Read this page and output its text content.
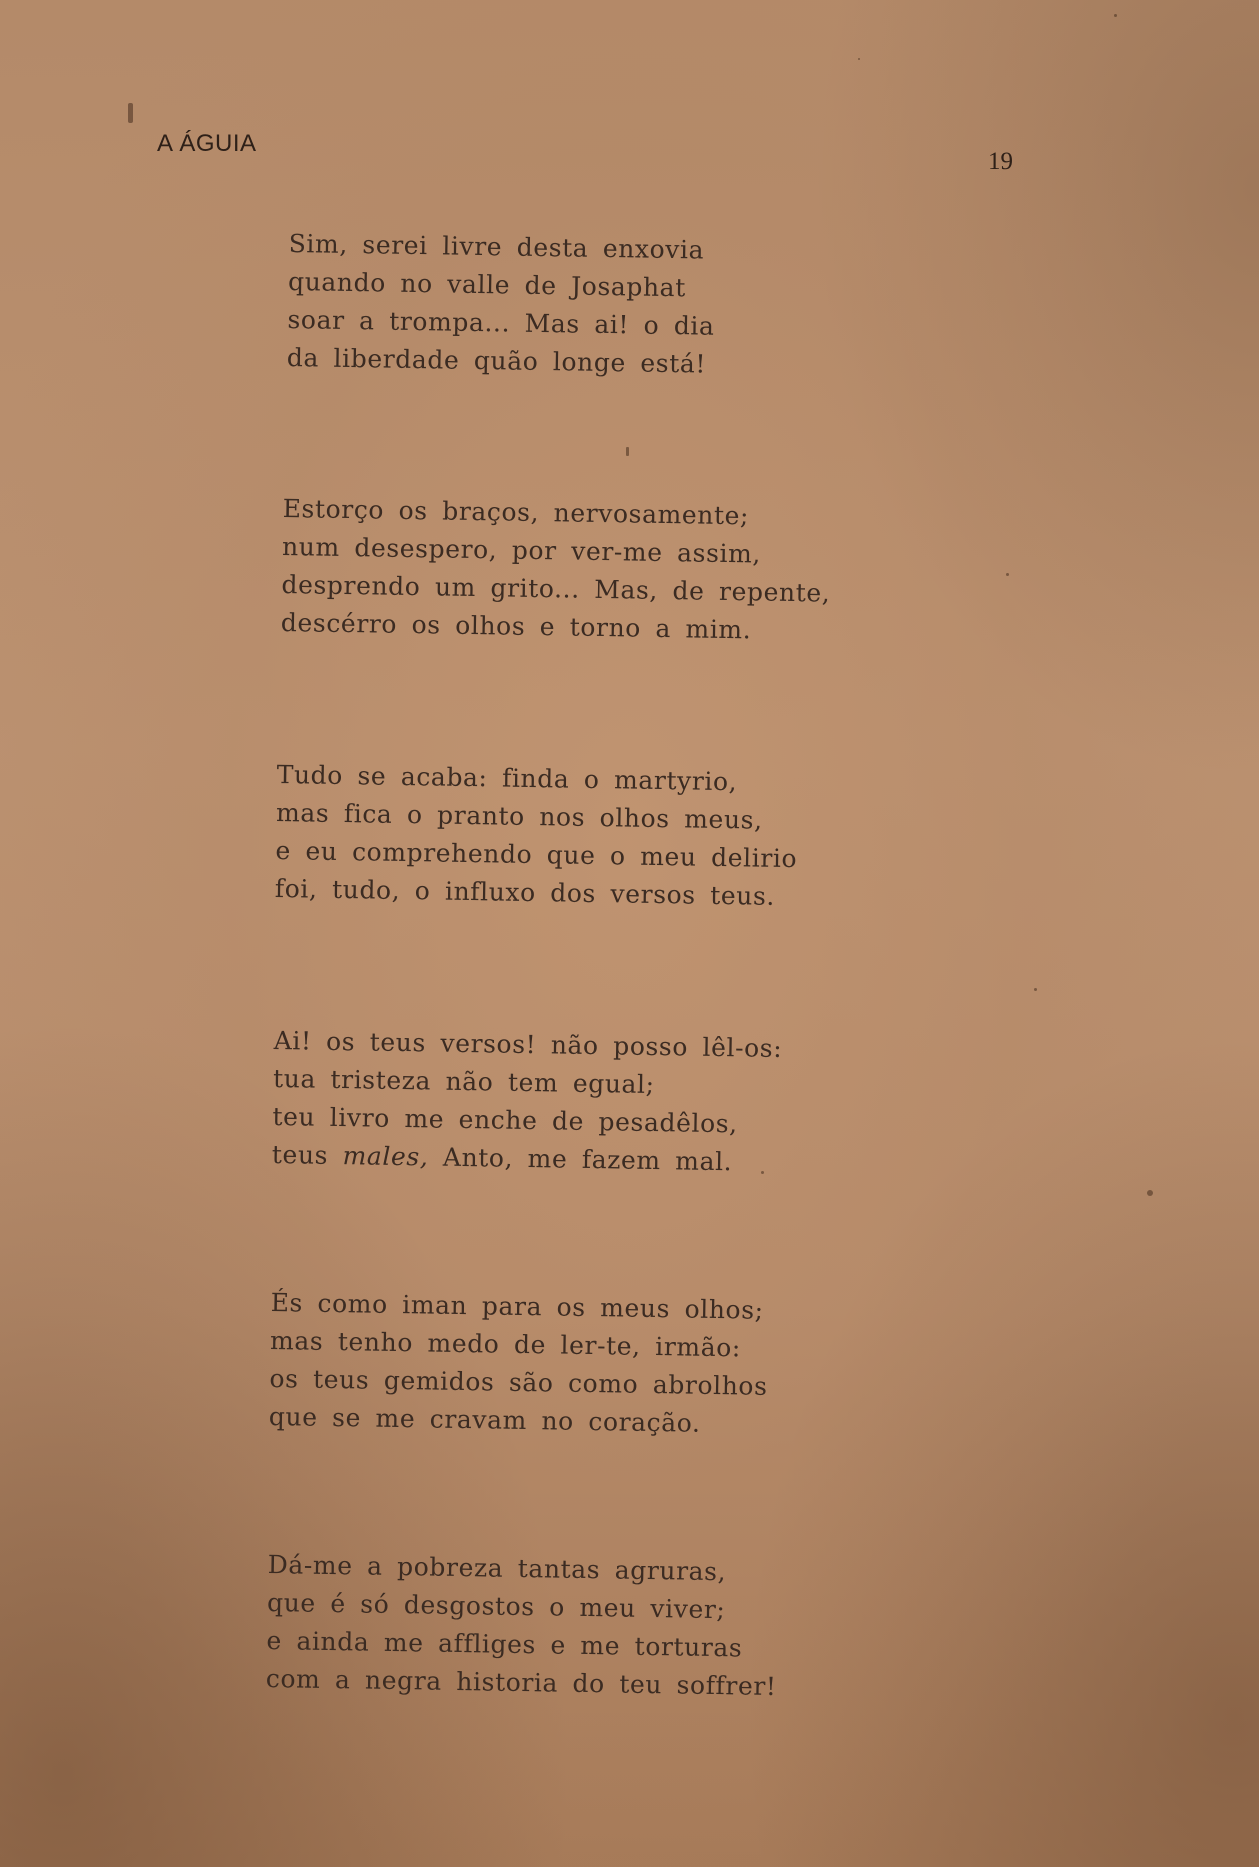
A ÁGUIA
19
Sim, serei livre desta enxovia
quando no valle de Josaphat
soar a trompa... Mas ai! o dia
da liberdade quão longe está!
Estorço os braços, nervosamente;
num desespero, por ver-me assim,
desprendo um grito... Mas, de repente,
descérro os olhos e torno a mim.
Tudo se acaba: finda o martyrio,
mas fica o pranto nos olhos meus,
e eu comprehendo que o meu delirio
foi, tudo, o influxo dos versos teus.
Ai! os teus versos! não posso lêl-os:
tua tristeza não tem egual;
teu livro me enche de pesadêlos,
teus males, Anto, me fazem mal.
És como iman para os meus olhos;
mas tenho medo de ler-te, irmão:
os teus gemidos são como abrolhos
que se me cravam no coração.
Dá-me a pobreza tantas agruras,
que é só desgostos o meu viver;
e ainda me affliges e me torturas
com a negra historia do teu soffrer!
